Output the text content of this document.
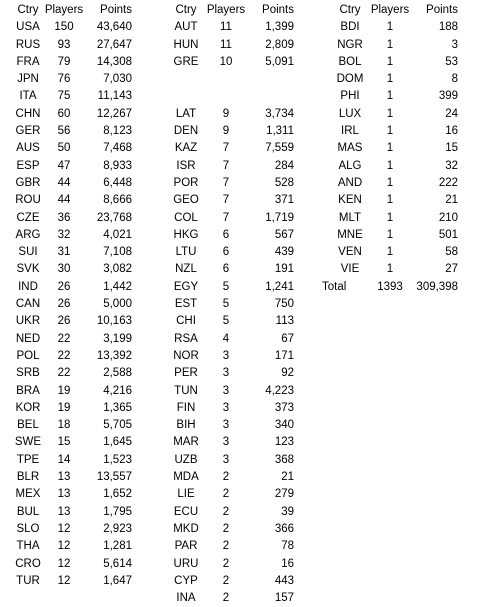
Ctry Players	Points
USA	150	43,640
RUS	93	27,647
FRA	79	14,308
JPN	76	7,030
ITA	75	11,143
CHN	60	12,267
GER	56	8,123
AUS	50	7,468
ESP	47	8,933
GBR	44	6,448
ROU	44	8,666
CZE	36	23,768
ARG	32	4,021
SUI	31	7,108
SVK	30	3,082
IND	26	1,442
CAN	26	5,000
UKR	26	10,163
NED	22	3,199
POL	22	13,392
SRB	22	2,588
BRA	19	4,216
KOR	19	1,365
BEL	18	5,705
SWE	15	1,645
TPE	14	1,523
BLR	13	13,557
MEX	13	1,652
BUL	13	1,795
SLO	12	2,923
THA	12	1,281
CRO	12	5,614
TUR	12	1,647
Ctry Players	Points
AUT	11	1,399
HUN	11	2,809
GRE	10	5,091
LAT	9	3,734
DEN	9	1,311
KAZ	7	7,559
ISR	7	284
POR	7	528
GEO	7	371
COL	7	1,719
HKG	6	567
LTU	6	439
NZL	6	191
EGY	5	1,241
EST	5	750
CHI	5	113
RSA	4	67
NOR	3	171
PER	3	92
TUN	3	4,223
FIN	3	373
BIH	3	340
MAR	3	123
UZB	3	368
MDA	2	21
LIE	2	279
ECU	2	39
MKD	2	366
PAR	2	78
URU	2	16
CYP	2	443
INA	2	157
Ctry Players	Points
BDI	1	188
NGR	1	3
BOL	1	53
DOM	1	8
PHI	1	399
LUX	1	24
IRL	1	16
MAS	1	15
ALG	1	32
AND	1	222
KEN	1	21
MLT	1	210
MNE	1	501
VEN	1	58
VIE	1	27
Total	1393	309,398
